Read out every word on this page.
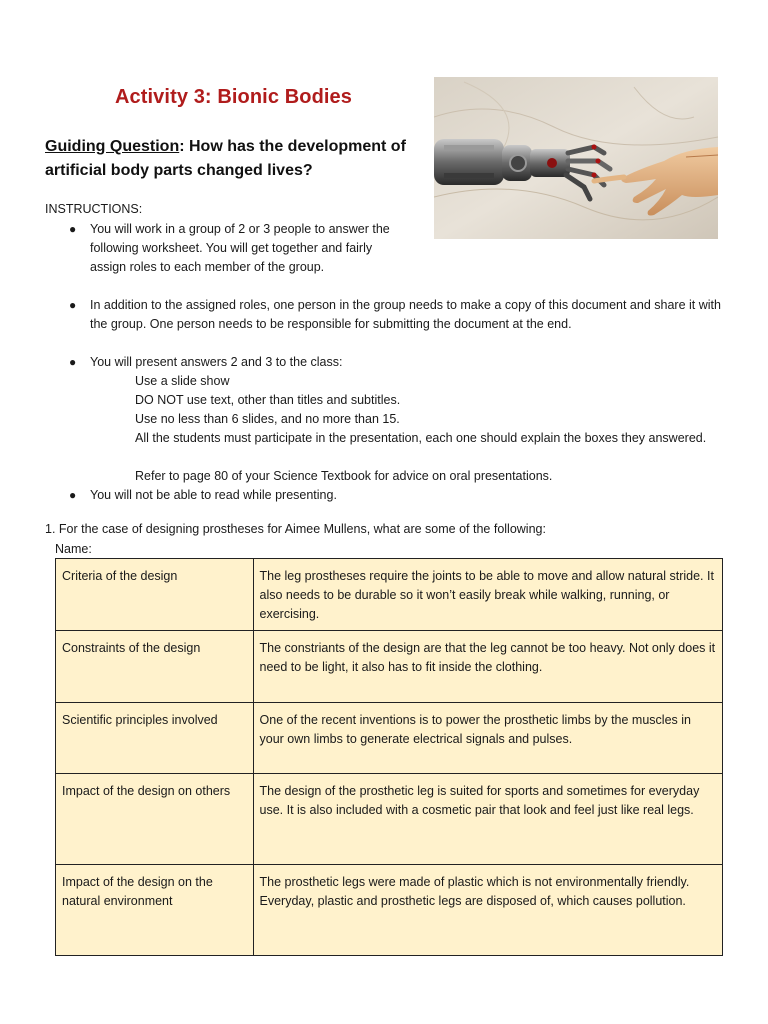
Activity 3: Bionic Bodies
Guiding Question: How has the development of artificial body parts changed lives?
INSTRUCTIONS:
● You will work in a group of 2 or 3 people to answer the following worksheet. You will get together and fairly assign roles to each member of the group.
● In addition to the assigned roles, one person in the group needs to make a copy of this document and share it with the group. One person needs to be responsible for submitting the document at the end.
● You will present answers 2 and 3 to the class:
● You will not be able to read while presenting.
Use a slide show
DO NOT use text, other than titles and subtitles.
Use no less than 6 slides, and no more than 15.
All the students must participate in the presentation, each one should explain the boxes they answered.
Refer to page 80 of your Science Textbook for advice on oral presentations.
1. For the case of designing prostheses for Aimee Mullens, what are some of the following:
Name:
Criteria of the design	The leg prostheses require the joints to be able to move and allow natural stride. It also needs to be durable so it won’t easily break while walking, running, or exercising.
Constraints of the design	The constriants of the design are that the leg cannot be too heavy. Not only does it need to be light, it also has to fit inside the clothing.
Scientific principles involved	One of the recent inventions is to power the prosthetic limbs by the muscles in your own limbs to generate electrical signals and pulses.
Impact of the design on others	The design of the prosthetic leg is suited for sports and sometimes for everyday use. It is also included with a cosmetic pair that look and feel just like real legs.
Impact of the design on the natural environment	The prosthetic legs were made of plastic which is not environmentally friendly. Everyday, plastic and prosthetic legs are disposed of, which causes pollution.
